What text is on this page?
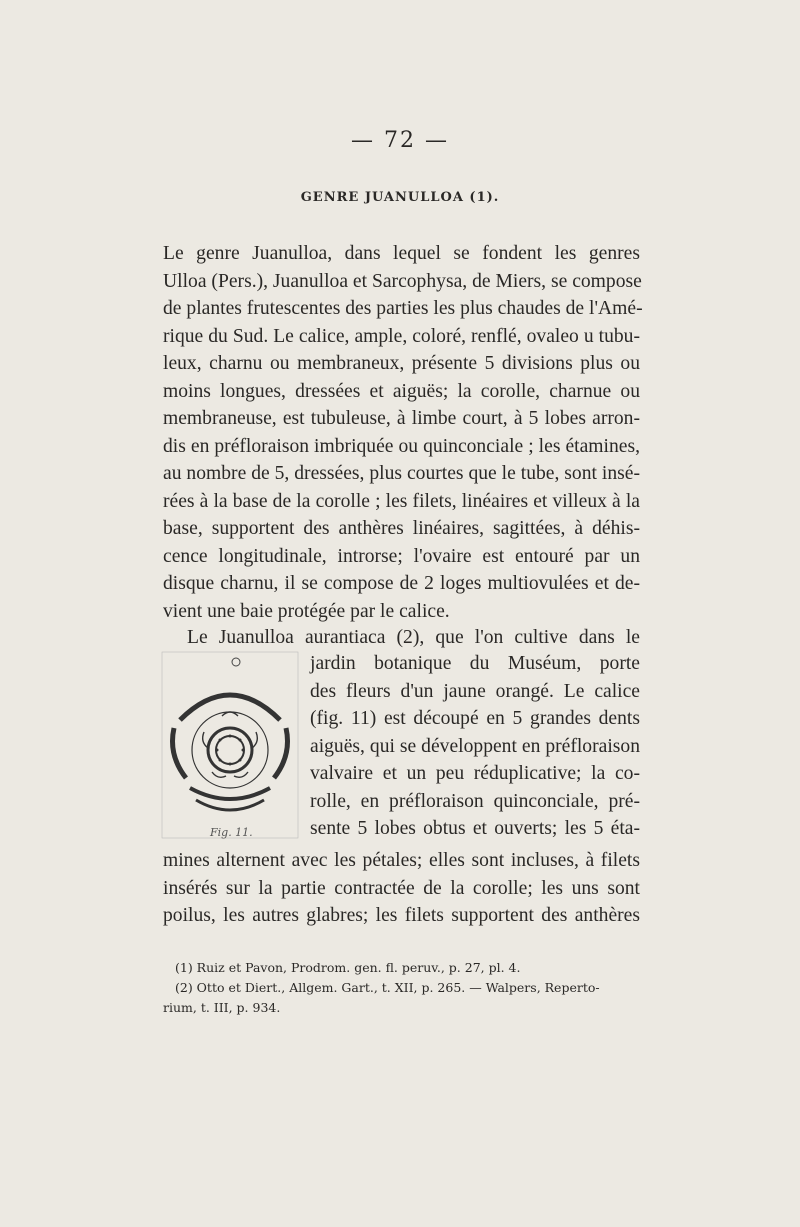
— 72 —
GENRE JUANULLOA (1).
Le genre Juanulloa, dans lequel se fondent les genres
Ulloa (Pers.), Juanulloa et Sarcophysa, de Miers, se compose
de plantes frutescentes des parties les plus chaudes de l'Amé-
rique du Sud. Le calice, ample, coloré, renflé, ovaleo u tubu-
leux, charnu ou membraneux, présente 5 divisions plus ou
moins longues, dressées et aiguës; la corolle, charnue ou
membraneuse, est tubuleuse, à limbe court, à 5 lobes arron-
dis en préfloraison imbriquée ou quinconciale ; les étamines,
au nombre de 5, dressées, plus courtes que le tube, sont insé-
rées à la base de la corolle ; les filets, linéaires et villeux à la
base, supportent des anthères linéaires, sagittées, à déhis-
cence longitudinale, introrse; l'ovaire est entouré par un
disque charnu, il se compose de 2 loges multiovulées et de-
vient une baie protégée par le calice.
Le Juanulloa aurantiaca (2), que l'on cultive dans le
jardin botanique du Muséum, porte
des fleurs d'un jaune orangé. Le calice
(fig. 11) est découpé en 5 grandes dents
aiguës, qui se développent en préfloraison
valvaire et un peu réduplicative; la co-
rolle, en préfloraison quinconciale, pré-
sente 5 lobes obtus et ouverts; les 5 éta-
mines alternent avec les pétales; elles sont incluses, à filets
insérés sur la partie contractée de la corolle; les uns sont
poilus, les autres glabres; les filets supportent des anthères
Fig. 11.
(1) Ruiz et Pavon, Prodrom. gen. fl. peruv., p. 27, pl. 4.
(2) Otto et Diert., Allgem. Gart., t. XII, p. 265. — Walpers, Reperto-
rium, t. III, p. 934.
